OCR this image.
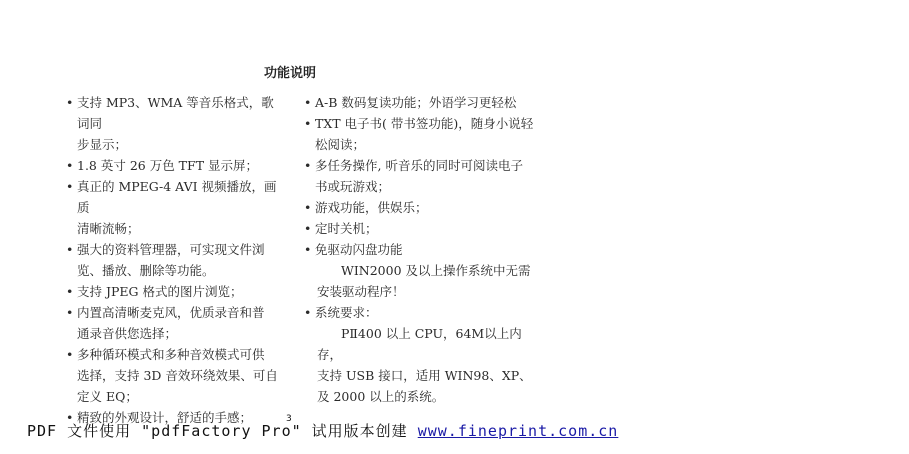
功能说明
• 支持 MP3、WMA 等音乐格式，歌词同
步显示；
• 1.8 英寸 26 万色 TFT 显示屏；
• 真正的 MPEG-4 AVI 视频播放，画质
清晰流畅；
• 强大的资料管理器，可实现文件浏
览、播放、删除等功能。
• 支持 JPEG 格式的图片浏览；
• 内置高清晰麦克风，优质录音和普
通录音供您选择；
• 多种循环模式和多种音效模式可供
选择，支持 3D 音效环绕效果、可自
定义 EQ；
• 精致的外观设计，舒适的手感；
• A-B 数码复读功能；外语学习更轻松
• TXT 电子书( 带书签功能)，随身小说轻
松阅读；
• 多任务操作, 听音乐的同时可阅读电子
书或玩游戏；
• 游戏功能，供娱乐；
• 定时关机；
• 免驱动闪盘功能
WIN2000 及以上操作系统中无需
安装驱动程序！
• 系统要求：
PⅡ400 以上 CPU，64M以上内存，
支持 USB 接口，适用 WIN98、XP、
及 2000 以上的系统。
3
PDF 文件使用 "pdfFactory Pro" 试用版本创建 www.fineprint.com.cn
